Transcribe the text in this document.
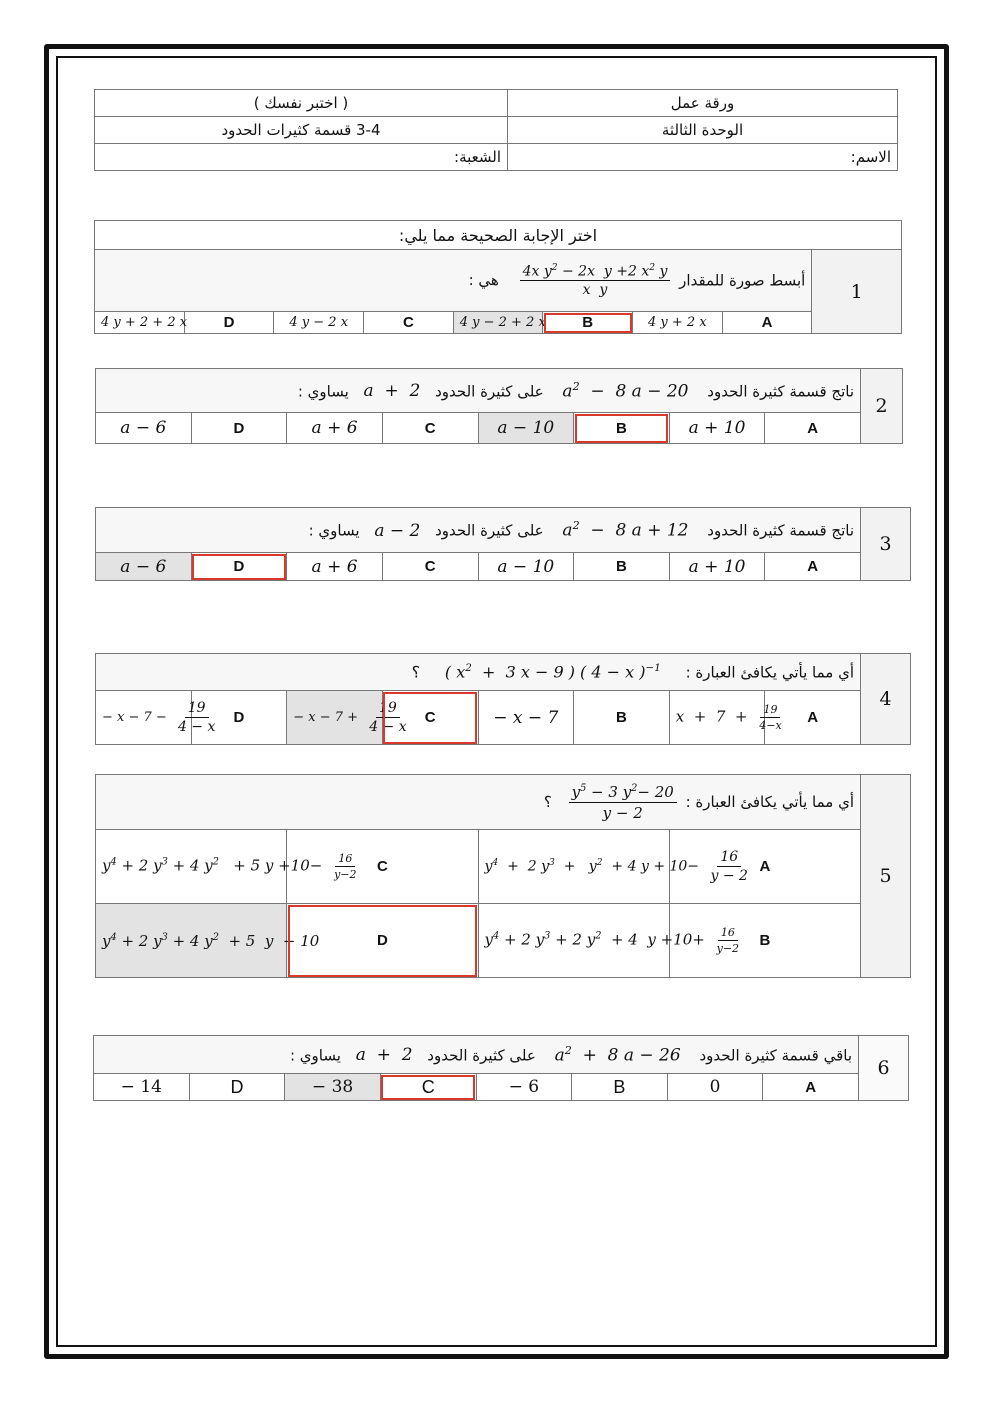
ورقة عمل	( اختبر نفسك )
الوحدة الثالثة	3-4 قسمة كثيرات الحدود
الاسم:	الشعبة:
اختر الإجابة الصحيحة مما يلي:								
1	أبسط صورة للمقدار
$\frac{4x y^2 - 2x y +2 x^2 y}{\text{x  y}}$
هي :							
	A	4 y + 2 x	B	4 y − 2 + 2 x	C	4 y − 2 x	D	4 y + 2 + 2 x
2	ناتج قسمة كثيرة الحدود $a^2 - 8$ a − 20 على كثيرة الحدود a  +  2 يساوي :							
	A	a + 10	B	a − 10	C	a + 6	D	a − 6
3	ناتج قسمة كثيرة الحدود $a^2 - 8$ a + 12 على كثيرة الحدود a − 2 يساوي :							
	A	a + 10	B	a − 10	C	a + 6	D	a − 6
4	أي مما يأتي يكافئ العبارة : ( $x^2 + 3$ x − 9 ) ( 4 − x )$^{-1}$ ؟							
	A	$x + 7 + \frac{19}{4-x}$	B	− x − 7	C	− $x - 7 + \frac{19}{4 - x}$	D	− $x - 7 - \frac{19}{4 - x}$
5	أي مما يأتي يكافئ العبارة :
$\frac{y^5 - 3 y^2- 20}{y - 2}$
؟			
	A	$y^4 + 2$ $y^3 + y^2 + 4$ $y + 10- \frac{16}{y - 2}$	C	$y^4 + 2$ $y^3 + 4$ $y^2 + 5$ $y +10- \frac{16}{y-2}$

	B	$y^4 + 2$ $y^3 + 2$ $y^2 + 4$  $y +10+ \frac{16}{y-2}$	D	$y^4 + 2$ $y^3 + 4$ $y^2 + 5$  y  + 10
6	باقي قسمة كثيرة الحدود $a^2 + 8$ a − 26 على كثيرة الحدود a  +  2 يساوي :							
	A	0	B	− 6	C	− 38	D	− 14
